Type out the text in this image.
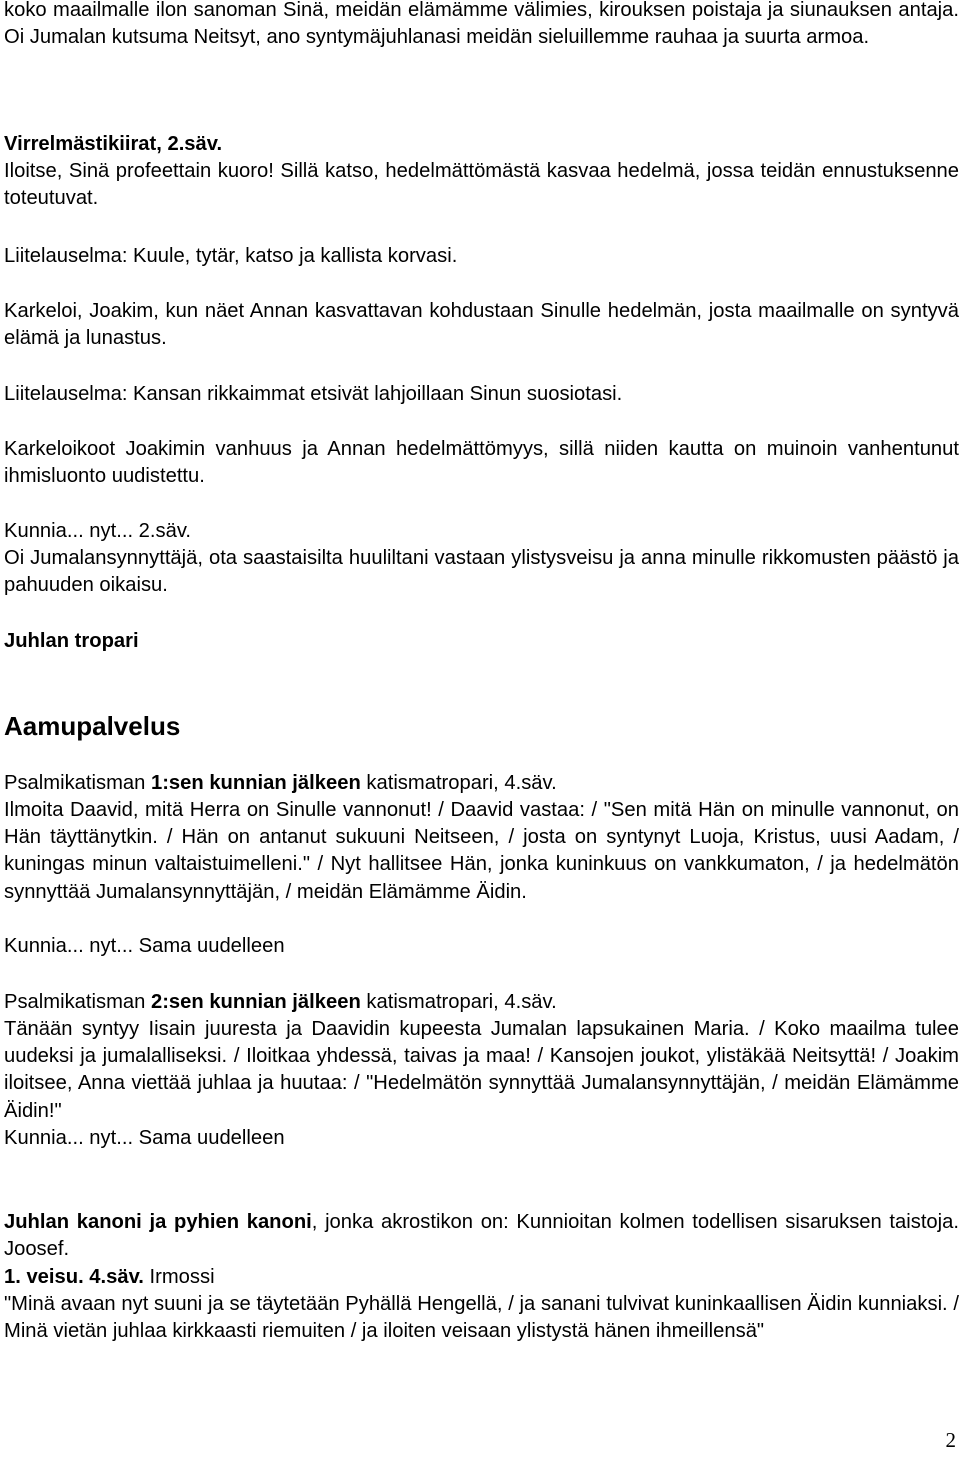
koko maailmalle ilon sanoman Sinä, meidän elämämme välimies, kirouksen poistaja ja siunauksen antaja. Oi Jumalan kutsuma Neitsyt, ano syntymäjuhlanasi meidän sieluillemme rauhaa ja suurta armoa.

Virrelmästikiirat, 2.säv.

Iloitse, Sinä profeettain kuoro! Sillä katso, hedelmättömästä kasvaa hedelmä, jossa teidän ennustuksenne toteutuvat.

Liitelauselma: Kuule, tytär, katso ja kallista korvasi.

Karkeloi, Joakim, kun näet Annan kasvattavan kohdustaan Sinulle hedelmän, josta maailmalle on syntyvä elämä ja lunastus.

Liitelauselma: Kansan rikkaimmat etsivät lahjoillaan Sinun suosiotasi.

Karkeloikoot Joakimin vanhuus ja Annan hedelmättömyys, sillä niiden kautta on muinoin vanhentunut ihmisluonto uudistettu.

Kunnia... nyt... 2.säv.

Oi Jumalansynnyttäjä, ota saastaisilta huuliltani vastaan ylistysveisu ja anna minulle rikkomusten päästö ja pahuuden oikaisu.

Juhlan tropari

Aamupalvelus

Psalmikatisman 1:sen kunnian jälkeen katismatropari, 4.säv.

Ilmoita Daavid, mitä Herra on Sinulle vannonut! / Daavid vastaa: / "Sen mitä Hän on minulle vannonut, on Hän täyttänytkin. / Hän on antanut sukuuni Neitseen, / josta on syntynyt Luoja, Kristus, uusi Aadam, / kuningas minun valtaistuimelleni." / Nyt hallitsee Hän, jonka kuninkuus on vankkumaton, / ja hedelmätön synnyttää Jumalansynnyttäjän, / meidän Elämämme Äidin.

Kunnia... nyt... Sama uudelleen

Psalmikatisman 2:sen kunnian jälkeen katismatropari, 4.säv.

Tänään syntyy Iisain juuresta ja Daavidin kupeesta Jumalan lapsukainen Maria. / Koko maailma tulee uudeksi ja jumalalliseksi. / Iloitkaa yhdessä, taivas ja maa! / Kansojen joukot, ylistäkää Neitsyttä! / Joakim iloitsee, Anna viettää juhlaa ja huutaa: / "Hedelmätön synnyttää Jumalansynnyttäjän, / meidän Elämämme Äidin!"

Kunnia... nyt... Sama uudelleen

Juhlan kanoni ja pyhien kanoni, jonka akrostikon on: Kunnioitan kolmen todellisen sisaruksen taistoja. Joosef.

1. veisu. 4.säv. Irmossi

"Minä avaan nyt suuni ja se täytetään Pyhällä Hengellä, / ja sanani tulvivat kuninkaallisen Äidin kunniaksi. / Minä vietän juhlaa kirkkaasti riemuiten / ja iloiten veisaan ylistystä hänen ihmeillensä"

2
